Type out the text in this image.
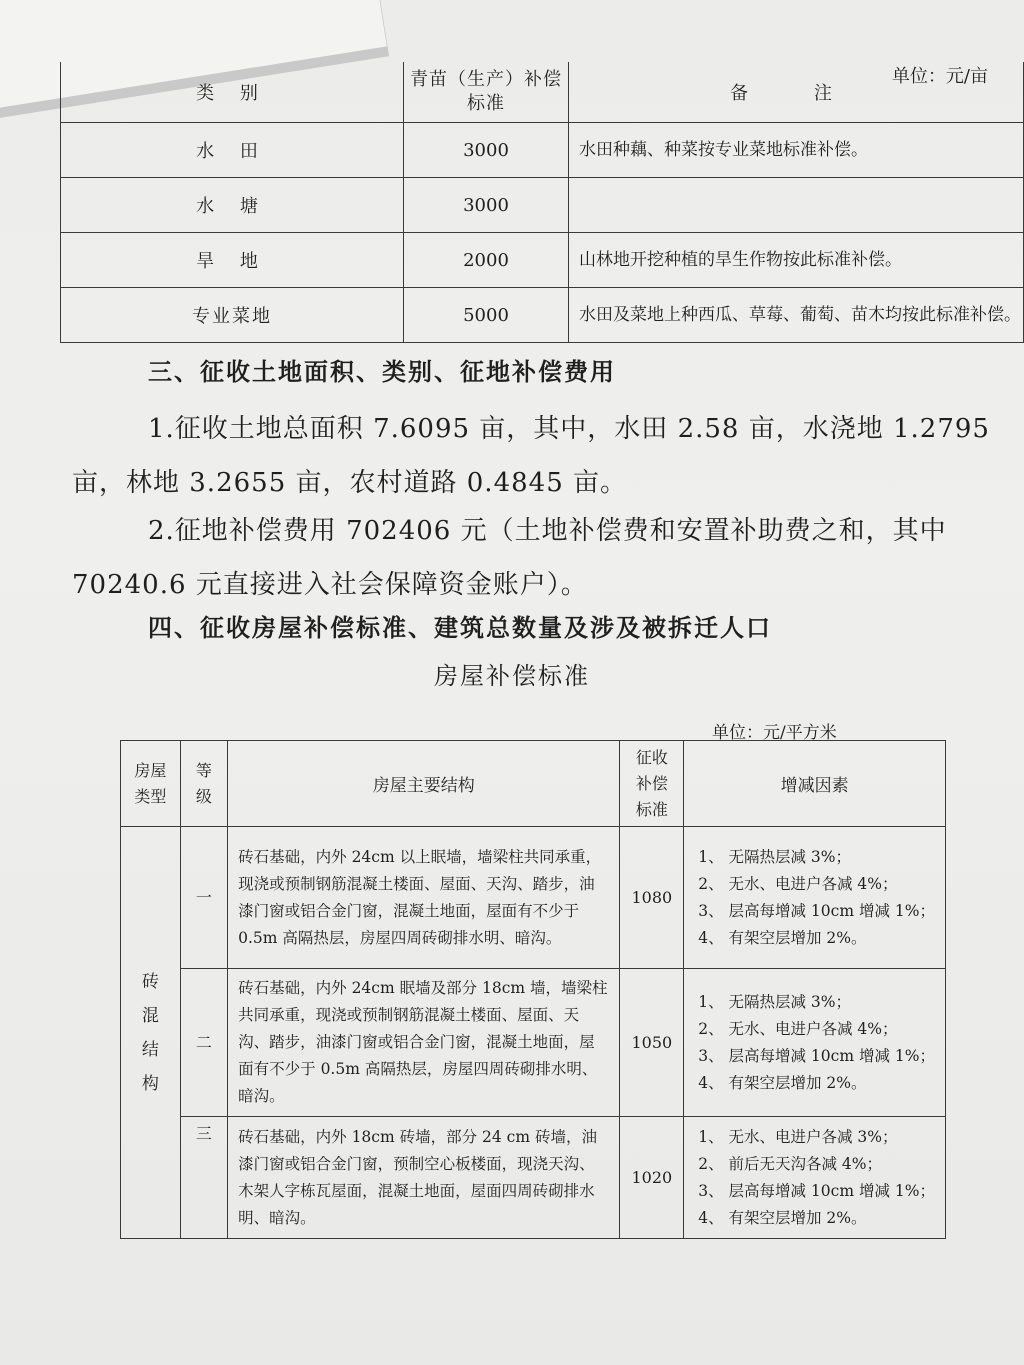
单位：元/亩
类 别	青苗（生产）补偿标准	备 注
水 田	3000	水田种藕、种菜按专业菜地标准补偿。
水 塘	3000	
旱 地	2000	山林地开挖种植的旱生作物按此标准补偿。
专业菜地	5000	水田及菜地上种西瓜、草莓、葡萄、苗木均按此标准补偿。
三、征收土地面积、类别、征地补偿费用
1.征收土地总面积 7.6095 亩，其中，水田 2.58 亩，水浇地 1.2795 亩，林地 3.2655 亩，农村道路 0.4845 亩。
2.征地补偿费用 702406 元（土地补偿费和安置补助费之和，其中 70240.6 元直接进入社会保障资金账户）。
四、征收房屋补偿标准、建筑总数量及涉及被拆迁人口
房屋补偿标准
单位：元/平方米
房屋类型	等级	房屋主要结构	征收补偿标准	增减因素

砖混结构	一	砖石基础，内外 24cm 以上眠墙，墙梁柱共同承重，现浇或预制钢筋混凝土楼面、屋面、天沟、踏步，油漆门窗或铝合金门窗，混凝土地面，屋面有不少于 0.5m 高隔热层，房屋四周砖砌排水明、暗沟。	1080	1、 无隔热层减 3%；
2、 无水、电进户各减 4%；
3、 层高每增减 10cm 增减 1%；
4、 有架空层增加 2%。

	二	砖石基础，内外 24cm 眠墙及部分 18cm 墙，墙梁柱共同承重，现浇或预制钢筋混凝土楼面、屋面、天沟、踏步，油漆门窗或铝合金门窗，混凝土地面，屋面有不少于 0.5m 高隔热层，房屋四周砖砌排水明、暗沟。	1050	1、 无隔热层减 3%；
2、 无水、电进户各减 4%；
3、 层高每增减 10cm 增减 1%；
4、 有架空层增加 2%。

	三	砖石基础，内外 18cm 砖墙，部分 24 cm 砖墙，油漆门窗或铝合金门窗，预制空心板楼面，现浇天沟、木架人字栋瓦屋面，混凝土地面，屋面四周砖砌排水明、暗沟。	1020	1、 无水、电进户各减 3%；
2、 前后无天沟各减 4%；
3、 层高每增减 10cm 增减 1%；
4、 有架空层增加 2%。
